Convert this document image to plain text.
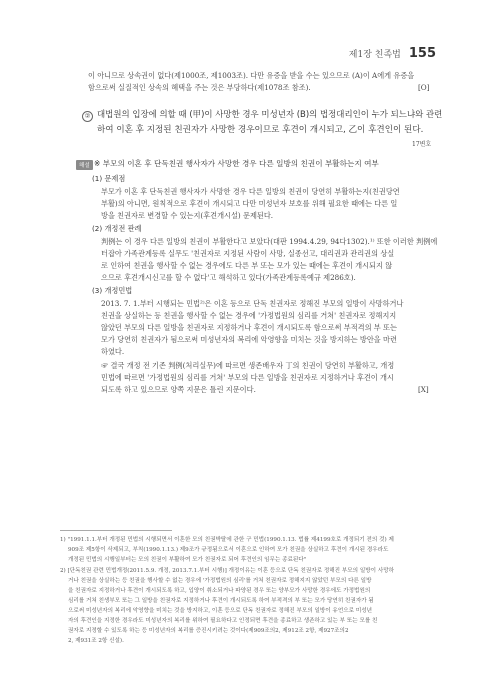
제1장 친족법 155
이 아니므로 상속권이 없다(제1000조, 제1003조). 다만 유증을 받을 수는 있으므로 (A)이 A에게 유증을
함으로써 실질적인 상속의 혜택을 주는 것은 부당하다(제1078조 참조).	[O]
② 대법원의 입장에 의할 때 (甲)이 사망한 경우 미성년자 (B)의 법정대리인이 누가 되느냐와 관련
하여 이혼 후 지정된 친권자가 사망한 경우이므로 후견이 개시되고, 乙이 후견인이 된다.
17변호
해설 ※ 부모의 이혼 후 단독친권 행사자가 사망한 경우 다른 일방의 친권이 부활하는지 여부
(1) 문제점
부모가 이혼 후 단독친권 행사자가 사망한 경우 다른 일방의 친권이 당연히 부활하는지(친권당연
부활)의 아니면, 원칙적으로 후견이 개시되고 다만 미성년자 보호를 위해 필요한 때에는 다른 일
방을 친권자로 변경할 수 있는지(후견개시설) 문제된다.
(2) 개정전 판례
判例는 이 경우 다른 일방의 친권이 부활한다고 보았다(대판 1994.4.29, 94다1302).¹⁾ 또한 이러한 判例에
터잡아 가족관계등록 실무도 '친권자로 지정된 사람이 사망, 실종선고, 대리권과 관리권의 상실
로 인하여 친권을 행사할 수 없는 경우에도 다른 부 또는 모가 있는 때에는 후견이 개시되지 않
으므로 후견개시신고를 할 수 없다'고 해석하고 있다(가족관계등록예규 제286호).
(3) 개정민법
2013. 7. 1.부터 시행되는 민법²⁾은 이혼 등으로 단독 친권자로 정해진 부모의 일방이 사망하거나
친권을 상실하는 등 친권을 행사할 수 없는 경우에 '가정법원의 심리를 거쳐' 친권자로 정해지지
않았던 부모의 다른 일방을 친권자로 지정하거나 후견이 개시되도록 함으로써 부적격의 부 또는
모가 당연히 친권자가 됨으로써 미성년자의 복리에 악영향을 미치는 것을 방지하는 방안을 마련
하였다.
☞ 결국 개정 전 기존 判例(처리실무)에 따르면 생존배우자 丁의 친권이 당연히 부활하고, 개정
민법에 따르면 '가정법원의 심리를 거쳐' 부모의 다른 일방을 친권자로 지정하거나 후견이 개시
되도록 하고 있으므로 양쪽 지문은 틀린 지문이다.	[X]
1) "1991.1.1.부터 개정된 민법의 시행되면서 이혼한 모의 친권박탈에 관한 구 민법(1990.1.13. 법률 제4199호로 개정되기 전의 것) 제
909조 제5항이 삭제되고, 부칙(1990.1.13.) 제9조가 규정됨으로서 이혼으로 인하여 모가 친권을 상실하고 후견이 개시된 경우라도
개정된 민법의 시행일부터는 모의 친권이 부활하여 모가 친권자로 되어 후견인의 임무는 종료된다"
2) [단독친권 관련 민법개정(2011.5.9. 개정, 2013.7.1.부터 시행)] 개정이유는 이혼 등으로 단독 친권자로 정해진 부모의 일방이 사망하
거나 친권을 상실하는 등 친권을 행사할 수 없는 경우에 '가정법원의 심리'를 거쳐 친권자로 정해지지 않았던 부모의 다른 일방
을 친권자로 지정하거나 후견이 개시되도록 하고, 입양이 취소되거나 파양된 경우 또는 양부모가 사망한 경우에도 가정법원의
심리를 거쳐 친생부모 또는 그 일방을 친권자로 지정하거나 후견이 개시되도록 하여 부적격의 부 또는 모가 당연히 친권자가 됨
으로써 미성년자의 복리에 악영향을 미치는 것을 방지하고, 이혼 등으로 단독 친권자로 정해진 부모의 일방이 유언으로 미성년
자의 후견인을 지정한 경우라도 미성년자의 복리를 위하여 필요하다고 인정되면 후견을 종료하고 생존하고 있는 부 또는 모를 친
권자로 지정할 수 있도록 하는 등 미성년자의 복리를 증진시키려는 것이다(제909조의2, 제912조 2항, 제927조의2
2, 제931조 2항 신설).
